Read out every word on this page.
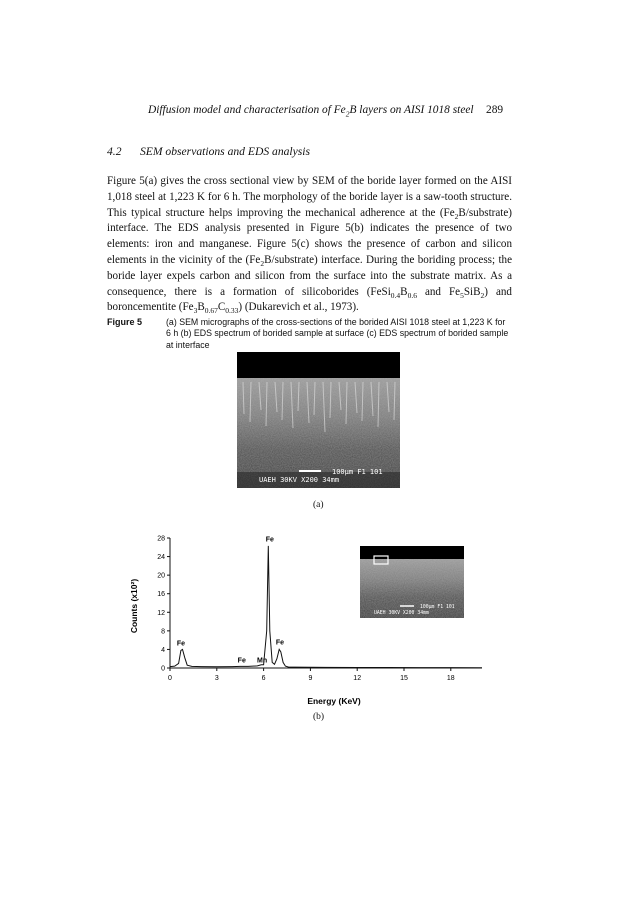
Diffusion model and characterisation of $Fe_2B$ layers on AISI 1018 steel 289
4.2 SEM observations and EDS analysis
Figure 5(a) gives the cross sectional view by SEM of the boride layer formed on the AISI 1,018 steel at 1,223 K for 6 h. The morphology of the boride layer is a saw-tooth structure. This typical structure helps improving the mechanical adherence at the $(Fe_2B/substrate)$ interface. The EDS analysis presented in Figure 5(b) indicates the presence of two elements: iron and manganese. Figure 5(c) shows the presence of carbon and silicon elements in the vicinity of the $(Fe_2B/substrate)$ interface. During the boriding process; the boride layer expels carbon and silicon from the surface into the substrate matrix. As a consequence, there is a formation of silicoborides ($FeSi_{0.4}B_{0.6}$ and $Fe_5SiB_2$) and boroncementite $(Fe_3B_{0.67}C_{0.33})$ (Dukarevich et al., 1973).
Figure 5	(a) SEM micrographs of the cross-sections of the borided AISI 1018 steel at 1,223 K for 6 h (b) EDS spectrum of borided sample at surface (c) EDS spectrum of borided sample at interface
100μm F1 101
UAEH 30KV X200 34mm
(a)
0	3	6	9	12	15	18
0
4
8
12
16
20
24
28
Fe
Fe Mn
Fe
Fe
Energy (KeV)
Counts (x10²)	100μm F1 101
UAEH 30KV X200 34mm
(b)
